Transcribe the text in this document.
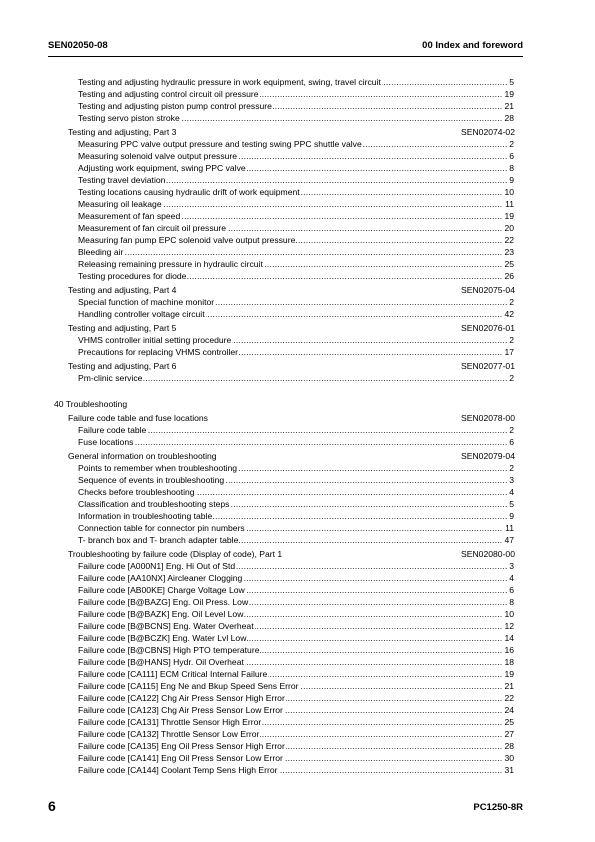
SEN02050-08	00 Index and foreword
.....
Testing and adjusting hydraulic pressure in work equipment, swing, travel circuit	5
.....
Testing and adjusting control circuit oil pressure	19
.....
Testing and adjusting piston pump control pressure	21
.....
Testing servo piston stroke	28
Testing and adjusting, Part 3	SEN02074-02
.....
Measuring PPC valve output pressure and testing swing PPC shuttle valve	2
.....
Measuring solenoid valve output pressure	6
.....
Adjusting work equipment, swing PPC valve	8
.....
Testing travel deviation	9
.....
Testing locations causing hydraulic drift of work equipment	10
.....
Measuring oil leakage	11
.....
Measurement of fan speed	19
.....
Measurement of fan circuit oil pressure	20
.....
Measuring fan pump EPC solenoid valve output pressure	22
.....
Bleeding air	23
.....
Releasing remaining pressure in hydraulic circuit	25
.....
Testing procedures for diode	26
Testing and adjusting, Part 4	SEN02075-04
.....
Special function of machine monitor	2
.....
Handling controller voltage circuit	42
Testing and adjusting, Part 5	SEN02076-01
.....
VHMS controller initial setting procedure	2
.....
Precautions for replacing VHMS controller	17
Testing and adjusting, Part 6	SEN02077-01
.....
Pm-clinic service	2
40 Troubleshooting
Failure code table and fuse locations	SEN02078-00
.....
Failure code table	2
.....
Fuse locations	6
General information on troubleshooting	SEN02079-04
.....
Points to remember when troubleshooting	2
.....
Sequence of events in troubleshooting	3
.....
Checks before troubleshooting	4
.....
Classification and troubleshooting steps	5
.....
Information in troubleshooting table	9
.....
Connection table for connector pin numbers	11
.....
T- branch box and T- branch adapter table	47
Troubleshooting by failure code (Display of code), Part 1	SEN02080-00
.....
Failure code [A000N1] Eng. Hi Out of Std	3
.....
Failure code [AA10NX] Aircleaner Clogging	4
.....
Failure code [AB00KE] Charge Voltage Low	6
.....
Failure code [B@BAZG] Eng. Oil Press. Low	8
.....
Failure code [B@BAZK] Eng. Oil Level Low	10
.....
Failure code [B@BCNS] Eng. Water Overheat	12
.....
Failure code [B@BCZK] Eng. Water Lvl Low	14
.....
Failure code [B@CBNS] High PTO temperature	16
.....
Failure code [B@HANS] Hydr. Oil Overheat	18
.....
Failure code [CA111] ECM Critical Internal Failure	19
.....
Failure code [CA115] Eng Ne and Bkup Speed Sens Error	21
.....
Failure code [CA122] Chg Air Press Sensor High Error	22
.....
Failure code [CA123] Chg Air Press Sensor Low Error	24
.....
Failure code [CA131] Throttle Sensor High Error	25
.....
Failure code [CA132] Throttle Sensor Low Error	27
.....
Failure code [CA135] Eng Oil Press Sensor High Error	28
.....
Failure code [CA141] Eng Oil Press Sensor Low Error	30
.....
Failure code [CA144] Coolant Temp Sens High Error	31
6	PC1250-8R
